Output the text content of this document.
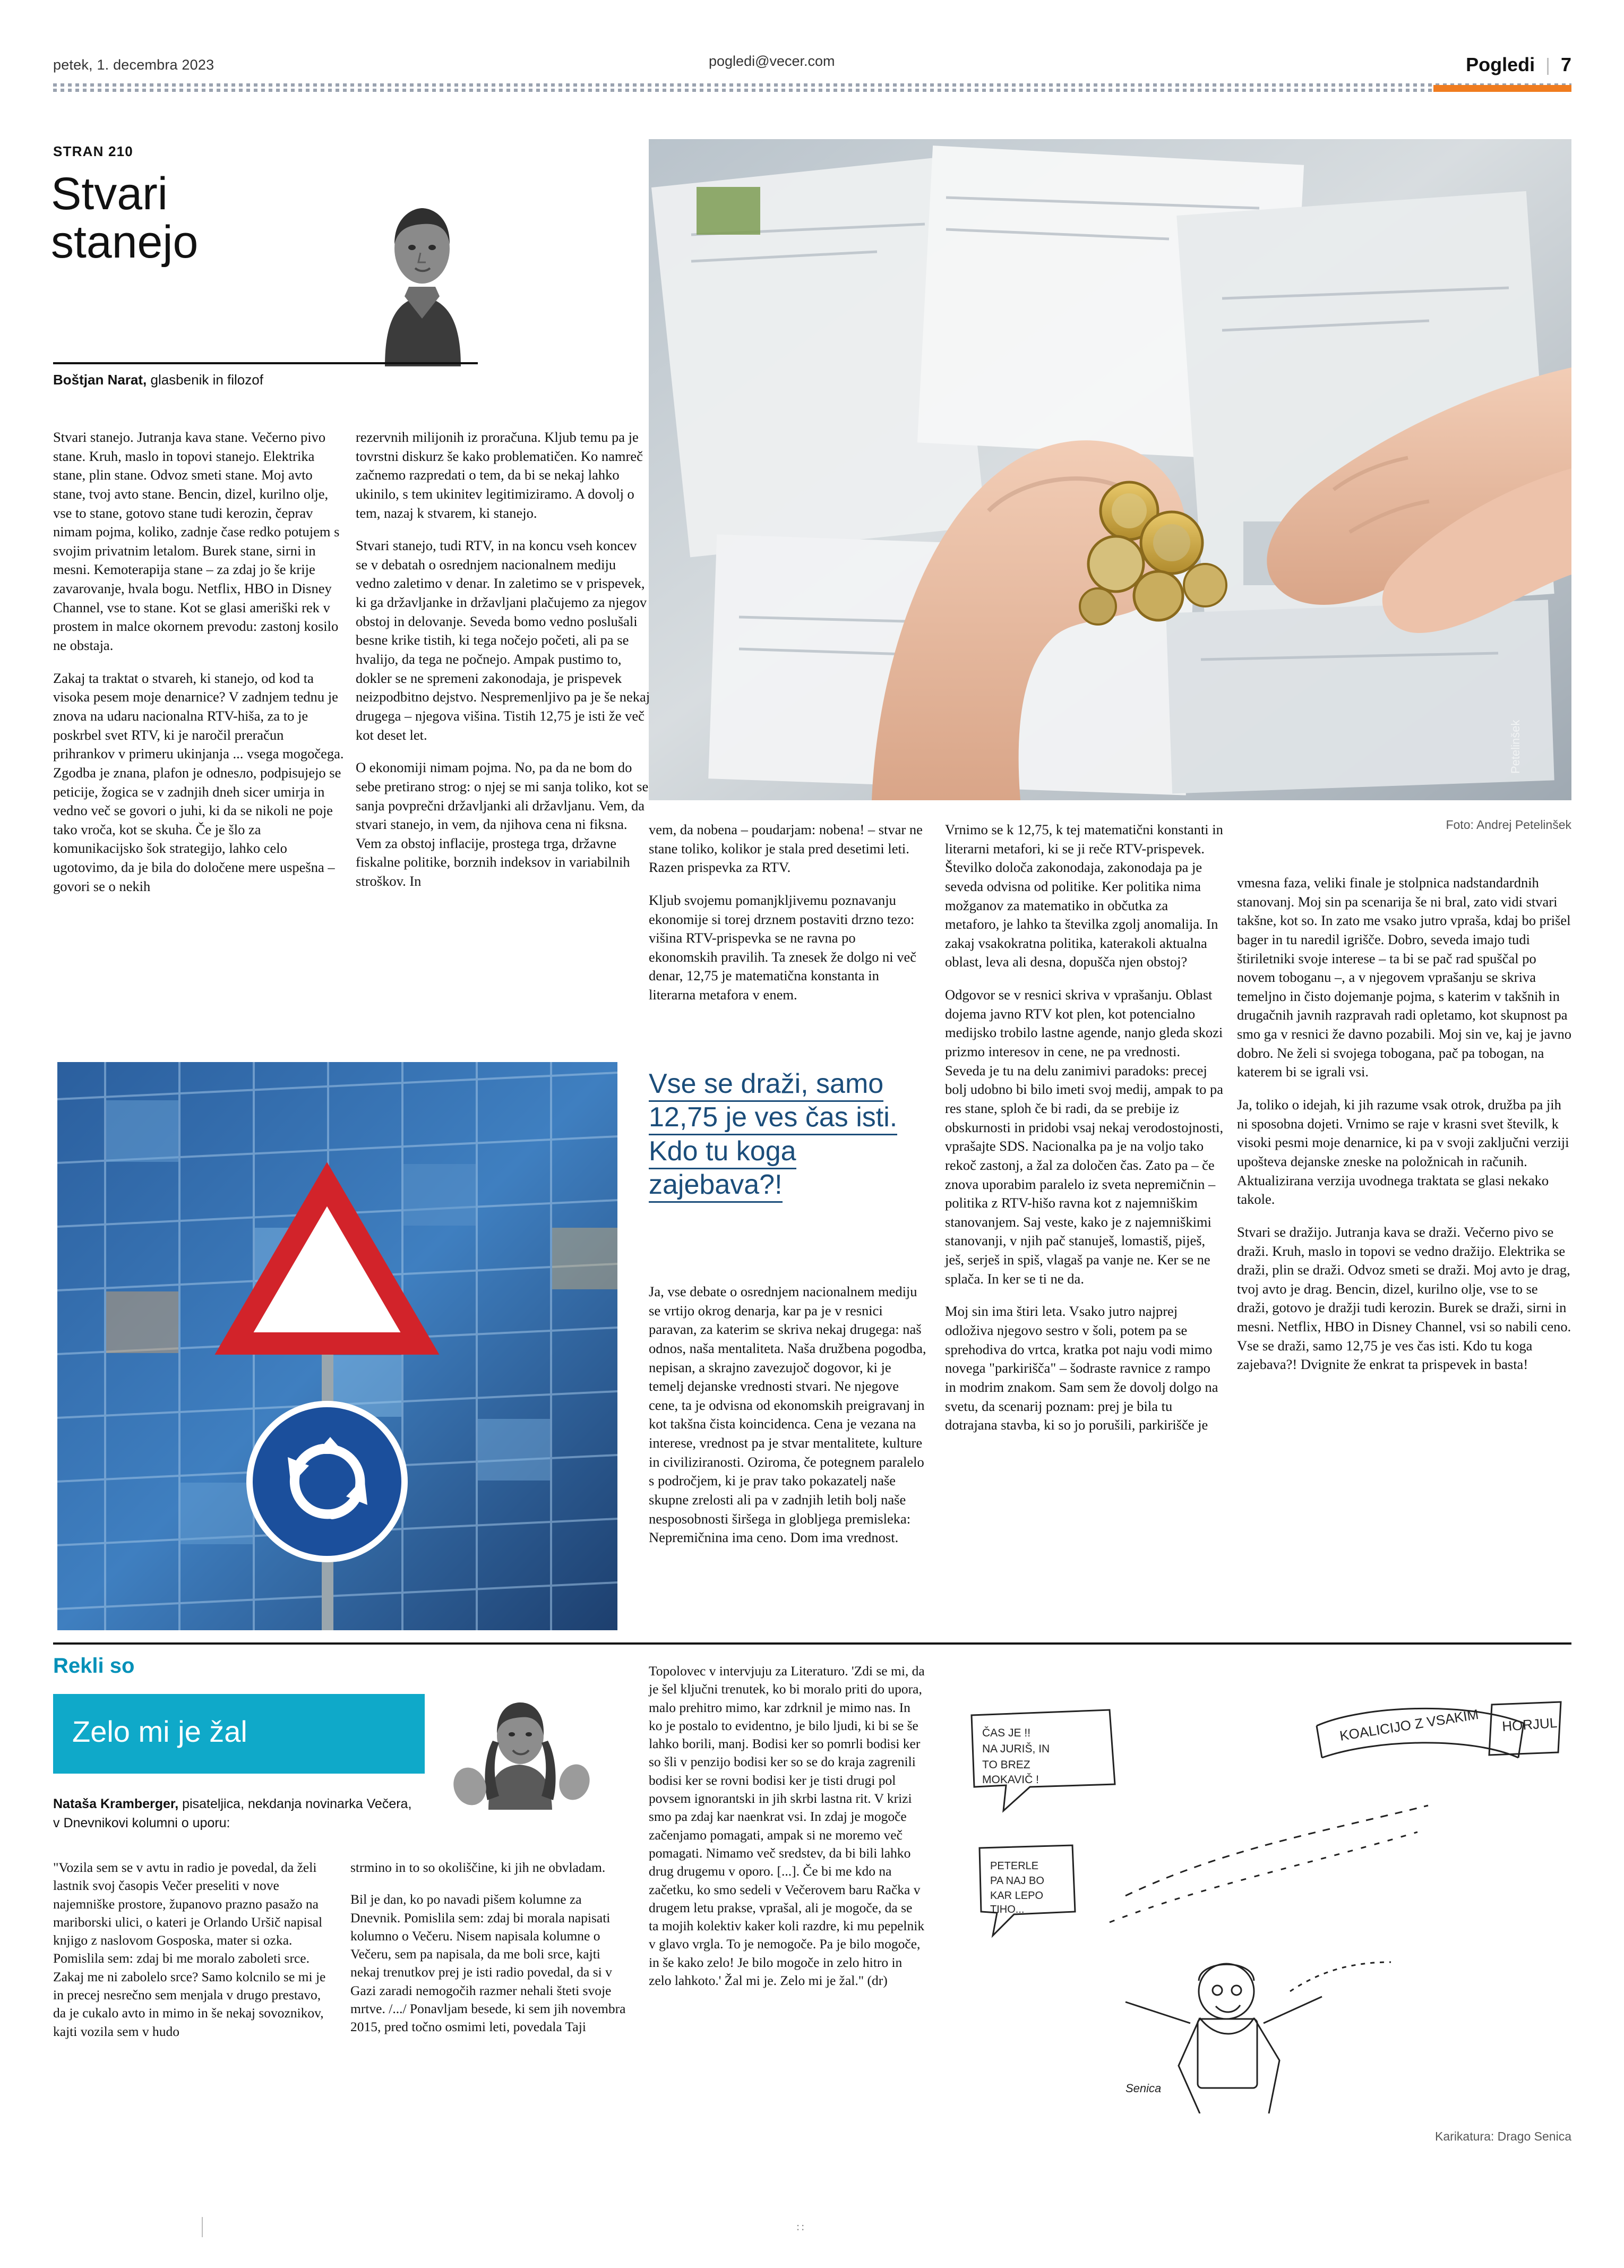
petek, 1. decembra 2023	pogledi@vecer.com	Pogledi | 7
STRAN 210
Stvari
stanejo
Boštjan Narat, glasbenik in filozof
Petelinšek
Foto: Andrej Petelinšek

Stvari stanejo. Jutranja kava stane. Večerno pivo stane. Kruh, maslo in topovi stanejo. Elektrika stane, plin stane. Odvoz smeti stane. Moj avto stane, tvoj avto stane. Bencin, dizel, kurilno olje, vse to stane, gotovo stane tudi kerozin, čeprav nimam pojma, koliko, zadnje čase redko potujem s svojim privatnim letalom. Burek stane, sirni in mesni. Kemoterapija stane – za zdaj jo še krije zavarovanje, hvala bogu. Netflix, HBO in Disney Channel, vse to stane. Kot se glasi ameriški rek v prostem in malce okornem prevodu: zastonj kosilo ne obstaja.

Zakaj ta traktat o stvareh, ki stanejo, od kod ta visoka pesem moje denarnice? V zadnjem tednu je znova na udaru nacionalna RTV-hiša, za to je poskrbel svet RTV, ki je naročil preračun prihrankov v primeru ukinjanja ... vsega mogočega. Zgodba je znana, plafon je odnesло, podpisujejo se peticije, žogica se v zadnjih dneh sicer umirja in vedno več se govori o juhi, ki da se nikoli ne poje tako vroča, kot se skuha. Če je šlo za komunikacijsko šok strategijo, lahko celo ugotovimo, da je bila do določene mere uspešna – govori se o nekih

rezervnih milijonih iz proračuna. Kljub temu pa je tovrstni diskurz še kako problematičen. Ko namreč začnemo razpredati o tem, da bi se nekaj lahko ukinilo, s tem ukinitev legitimiziramo. A dovolj o tem, nazaj k stvarem, ki stanejo.

Stvari stanejo, tudi RTV, in na koncu vseh koncev se v debatah o osrednjem nacionalnem mediju vedno zaletimo v denar. In zaletimo se v prispevek, ki ga državljanke in državljani plačujemo za njegov obstoj in delovanje. Seveda bomo vedno poslušali besne krike tistih, ki tega nočejo početi, ali pa se hvalijo, da tega ne počnejo. Ampak pustimo to, dokler se ne spremeni zakonodaja, je prispevek neizpodbitno dejstvo. Nespremenljivo pa je še nekaj drugega – njegova višina. Tistih 12,75 je isti že več kot deset let.

O ekonomiji nimam pojma. No, pa da ne bom do sebe pretirano strog: o njej se mi sanja toliko, kot se sanja povprečni državljanki ali državljanu. Vem, da stvari stanejo, in vem, da njihova cena ni fiksna. Vem za obstoj inflacije, prostega trga, državne fiskalne politike, borznih indeksov in variabilnih stroškov. In

vem, da nobena – poudarjam: nobena! – stvar ne stane toliko, kolikor je stala pred desetimi leti. Razen prispevka za RTV.

Kljub svojemu pomanjkljivemu poznavanju ekonomije si torej drznem postaviti drzno tezo: višina RTV-prispevka se ne ravna po ekonomskih pravilih. Ta znesek že dolgo ni več denar, 12,75 je matematična konstanta in literarna metafora v enem.

Vse se draži, samo 12,75 je ves čas isti. Kdo tu koga zajebava?!

Ja, vse debate o osrednjem nacionalnem mediju se vrtijo okrog denarja, kar pa je v resnici paravan, za katerim se skriva nekaj drugega: naš odnos, naša mentaliteta. Naša družbena pogodba, nepisan, a skrajno zavezujoč dogovor, ki je temelj dejanske vrednosti stvari. Ne njegove cene, ta je odvisna od ekonomskih preigravanj in kot takšna čista koincidenca. Cena je vezana na interese, vrednost pa je stvar mentalitete, kulture in civiliziranosti. Oziroma, če potegnem paralelo s področjem, ki je prav tako pokazatelj naše skupne zrelosti ali pa v zadnjih letih bolj naše nesposobnosti širšega in globljega premisleka: Nepremičnina ima ceno. Dom ima vrednost.

Vrnimo se k 12,75, k tej matematični konstanti in literarni metafori, ki se ji reče RTV-prispevek. Številko določa zakonodaja, zakonodaja pa je seveda odvisna od politike. Ker politika nima možganov za matematiko in občutka za metaforo, je lahko ta številka zgolj anomalija. In zakaj vsakokratna politika, katerakoli aktualna oblast, leva ali desna, dopušča njen obstoj?

Odgovor se v resnici skriva v vprašanju. Oblast dojema javno RTV kot plen, kot potencialno medijsko trobilo lastne agende, nanjo gleda skozi prizmo interesov in cene, ne pa vrednosti. Seveda je tu na delu zanimivi paradoks: precej bolj udobno bi bilo imeti svoj medij, ampak to pa res stane, sploh če bi radi, da se prebije iz obskurnosti in pridobi vsaj nekaj verodostojnosti, vprašajte SDS. Nacionalka pa je na voljo tako rekoč zastonj, a žal za določen čas. Zato pa – če znova uporabim paralelo iz sveta nepremičnin – politika z RTV-hišo ravna kot z najemniškim stanovanjem. Saj veste, kako je z najemniškimi stanovanji, v njih pač stanuješ, lomastiš, piješ, ješ, serješ in spiš, vlagaš pa vanje ne. Ker se ne splača. In ker se ti ne da.

Moj sin ima štiri leta. Vsako jutro najprej odloživa njegovo sestro v šoli, potem pa se sprehodiva do vrtca, kratka pot naju vodi mimo novega "parkirišča" – šodraste ravnice z rampo in modrim znakom. Sam sem že dovolj dolgo na svetu, da scenarij poznam: prej je bila tu dotrajana stavba, ki so jo porušili, parkirišče je

vmesna faza, veliki finale je stolpnica nadstandardnih stanovanj. Moj sin pa scenarija še ni bral, zato vidi stvari takšne, kot so. In zato me vsako jutro vpraša, kdaj bo prišel bager in tu naredil igrišče. Dobro, seveda imajo tudi štiriletniki svoje interese – ta bi se pač rad spuščal po novem toboganu –, a v njegovem vprašanju se skriva temeljno in čisto dojemanje pojma, s katerim v takšnih in drugačnih javnih razpravah radi opletamo, kot skupnost pa smo ga v resnici že davno pozabili. Moj sin ve, kaj je javno dobro. Ne želi si svojega tobogana, pač pa tobogan, na katerem bi se igrali vsi.

Ja, toliko o idejah, ki jih razume vsak otrok, družba pa jih ni sposobna dojeti. Vrnimo se raje v krasni svet številk, k visoki pesmi moje denarnice, ki pa v svoji zaključni verziji upošteva dejanske zneske na položnicah in računih. Aktualizirana verzija uvodnega traktata se glasi nekako takole.

Stvari se dražijo. Jutranja kava se draži. Večerno pivo se draži. Kruh, maslo in topovi se vedno dražijo. Elektrika se draži, plin se draži. Odvoz smeti se draži. Moj avto je drag, tvoj avto je drag. Bencin, dizel, kurilno olje, vse to se draži, gotovo je dražji tudi kerozin. Burek se draži, sirni in mesni. Netflix, HBO in Disney Channel, vsi so nabili ceno. Vse se draži, samo 12,75 je ves čas isti. Kdo tu koga zajebava?! Dvignite že enkrat ta prispevek in basta!

Rekli so
Zelo mi je žal
Nataša Kramberger, pisateljica, nekdanja novinarka Večera,
v Dnevnikovi kolumni o uporu:

"Vozila sem se v avtu in radio je povedal, da želi lastnik svoj časopis Večer preseliti v nove najemniške prostore, županovo prazno pasažo na mariborski ulici, o kateri je Orlando Uršič napisal knjigo z naslovom Gosposka, mater si ozka. Pomislila sem: zdaj bi me moralo zaboleti srce. Zakaj me ni zabolelo srce? Samo kolcnilo se mi je in precej nesrečno sem menjala v drugo prestavo, da je cukalo avto in mimo in še nekaj sovoznikov, kajti vozila sem v hudo

strmino in to so okoliščine, ki jih ne obvladam.

Bil je dan, ko po navadi pišem kolumne za Dnevnik. Pomislila sem: zdaj bi morala napisati kolumno o Večeru. Nisem napisala kolumne o Večeru, sem pa napisala, da me boli srce, kajti nekaj trenutkov prej je isti radio povedal, da si v Gazi zaradi nemogočih razmer nehali šteti svoje mrtve. /.../ Ponavljam besede, ki sem jih novembra 2015, pred točno osmimi leti, povedala Taji

Topolovec v intervjuju za Literaturo. 'Zdi se mi, da je šel ključni trenutek, ko bi moralo priti do upora, malo prehitro mimo, kar zdrknil je mimo nas. In ko je postalo to evidentno, je bilo ljudi, ki bi se še lahko borili, manj. Bodisi ker so pomrli bodisi ker so šli v penzijo bodisi ker so se do kraja zagrenili bodisi ker se rovni bodisi ker je tisti drugi pol povsem ignorantski in jih skrbi lastna rit. V krizi smo pa zdaj kar naenkrat vsi. In zdaj je mogoče začenjamo pomagati, ampak si ne moremo več pomagati. Nimamo več sredstev, da bi bili lahko drug drugemu v oporo. [...]. Če bi me kdo na začetku, ko smo sedeli v Večerovem baru Račka v drugem letu prakse, vprašal, ali je mogoče, da se ta mojih kolektiv kaker koli razdre, ki mu pepelnik v glavo vrgla. To je nemogoče. Pa je bilo mogoče, in še kako zelo! Je bilo mogoče in zelo hitro in zelo lahkoto.' Žal mi je. Zelo mi je žal." (dr)

ČAS JE !!
NA JURIŠ, IN
TO BREZ
MOKAVIČ !
PETERLE
PA NAJ BO
KAR LEPO
TIHO...
KOALICIJO Z VSAKIM HORJUL
Senica
Karikatura: Drago Senica
::
